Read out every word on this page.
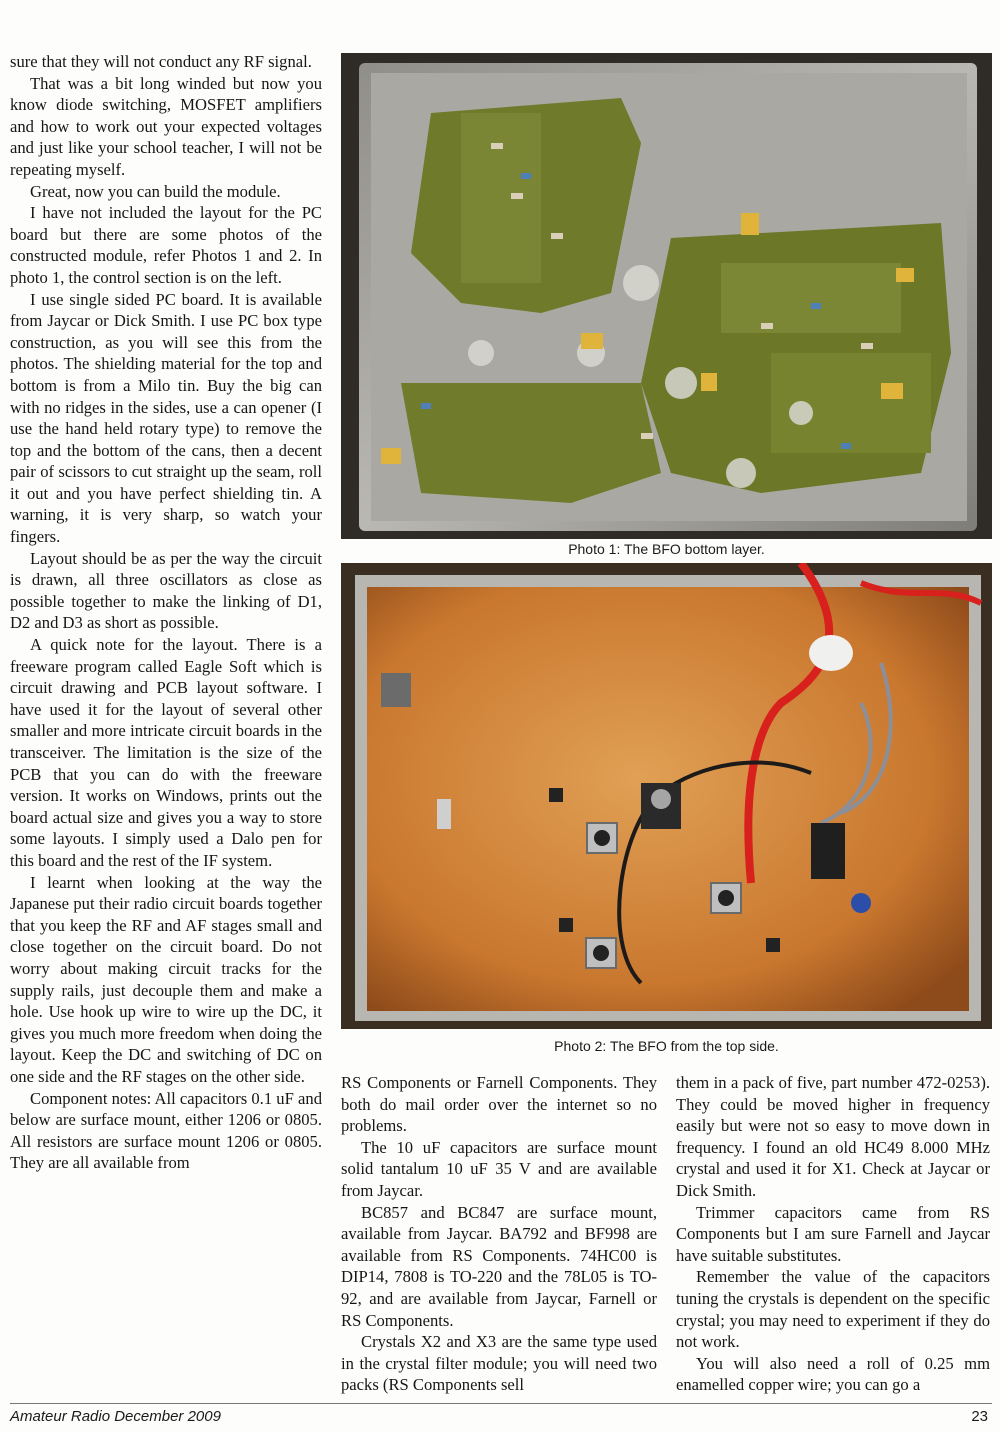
sure that they will not conduct any RF signal.

That was a bit long winded but now you know diode switching, MOSFET amplifiers and how to work out your expected voltages and just like your school teacher, I will not be repeating myself.

Great, now you can build the module.

I have not included the layout for the PC board but there are some photos of the constructed module, refer Photos 1 and 2. In photo 1, the control section is on the left.

I use single sided PC board. It is available from Jaycar or Dick Smith. I use PC box type construction, as you will see this from the photos. The shielding material for the top and bottom is from a Milo tin. Buy the big can with no ridges in the sides, use a can opener (I use the hand held rotary type) to remove the top and the bottom of the cans, then a decent pair of scissors to cut straight up the seam, roll it out and you have perfect shielding tin. A warning, it is very sharp, so watch your fingers.

Layout should be as per the way the circuit is drawn, all three oscillators as close as possible together to make the linking of D1, D2 and D3 as short as possible.

A quick note for the layout. There is a freeware program called Eagle Soft which is circuit drawing and PCB layout software. I have used it for the layout of several other smaller and more intricate circuit boards in the transceiver. The limitation is the size of the PCB that you can do with the freeware version. It works on Windows, prints out the board actual size and gives you a way to store some layouts. I simply used a Dalo pen for this board and the rest of the IF system.

I learnt when looking at the way the Japanese put their radio circuit boards together that you keep the RF and AF stages small and close together on the circuit board. Do not worry about making circuit tracks for the supply rails, just decouple them and make a hole. Use hook up wire to wire up the DC, it gives you much more freedom when doing the layout. Keep the DC and switching of DC on one side and the RF stages on the other side.

Component notes: All capacitors 0.1 uF and below are surface mount, either 1206 or 0805. All resistors are surface mount 1206 or 0805. They are all available from

Photo 1: The BFO bottom layer.
Photo 2: The BFO from the top side.

RS Components or Farnell Components. They both do mail order over the internet so no problems.

The 10 uF capacitors are surface mount solid tantalum 10 uF 35 V and are available from Jaycar.

BC857 and BC847 are surface mount, available from Jaycar. BA792 and BF998 are available from RS Components. 74HC00 is DIP14, 7808 is TO-220 and the 78L05 is TO-92, and are available from Jaycar, Farnell or RS Components.

Crystals X2 and X3 are the same type used in the crystal filter module; you will need two packs (RS Components sell

them in a pack of five, part number 472-0253). They could be moved higher in frequency easily but were not so easy to move down in frequency. I found an old HC49 8.000 MHz crystal and used it for X1. Check at Jaycar or Dick Smith.

Trimmer capacitors came from RS Components but I am sure Farnell and Jaycar have suitable substitutes.

Remember the value of the capacitors tuning the crystals is dependent on the specific crystal; you may need to experiment if they do not work.

You will also need a roll of 0.25 mm enamelled copper wire; you can go a

Amateur Radio December 2009	23
